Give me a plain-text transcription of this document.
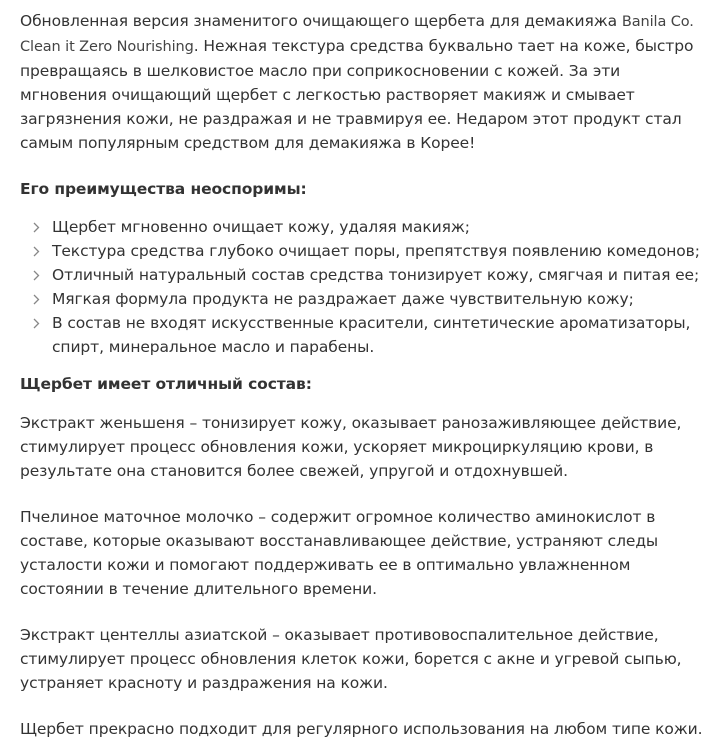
Обновленная версия знаменитого очищающего щербета для демакияжа Banila Co. Clean it Zero Nourishing. Нежная текстура средства буквально тает на коже, быстро превращаясь в шелковистое масло при соприкосновении с кожей. За эти мгновения очищающий щербет с легкостью растворяет макияж и смывает загрязнения кожи, не раздражая и не травмируя ее. Недаром этот продукт стал самым популярным средством для демакияжа в Корее!

Его преимущества неоспоримы:
Щербет мгновенно очищает кожу, удаляя макияж;
Текстура средства глубоко очищает поры, препятствуя появлению комедонов;
Отличный натуральный состав средства тонизирует кожу, смягчая и питая ее;
Мягкая формула продукта не раздражает даже чувствительную кожу;
В состав не входят искусственные красители, синтетические ароматизаторы, спирт, минеральное масло и парабены.
Щербет имеет отличный состав:

Экстракт женьшеня – тонизирует кожу, оказывает ранозаживляющее действие, стимулирует процесс обновления кожи, ускоряет микроциркуляцию крови, в результате она становится более свежей, упругой и отдохнувшей.

Пчелиное маточное молочко – содержит огромное количество аминокислот в составе, которые оказывают восстанавливающее действие, устраняют следы усталости кожи и помогают поддерживать ее в оптимально увлажненном состоянии в течение длительного времени.

Экстракт центеллы азиатской – оказывает противовоспалительное действие, стимулирует процесс обновления клеток кожи, борется с акне и угревой сыпью, устраняет красноту и раздражения на кожи.

Щербет прекрасно подходит для регулярного использования на любом типе кожи.
